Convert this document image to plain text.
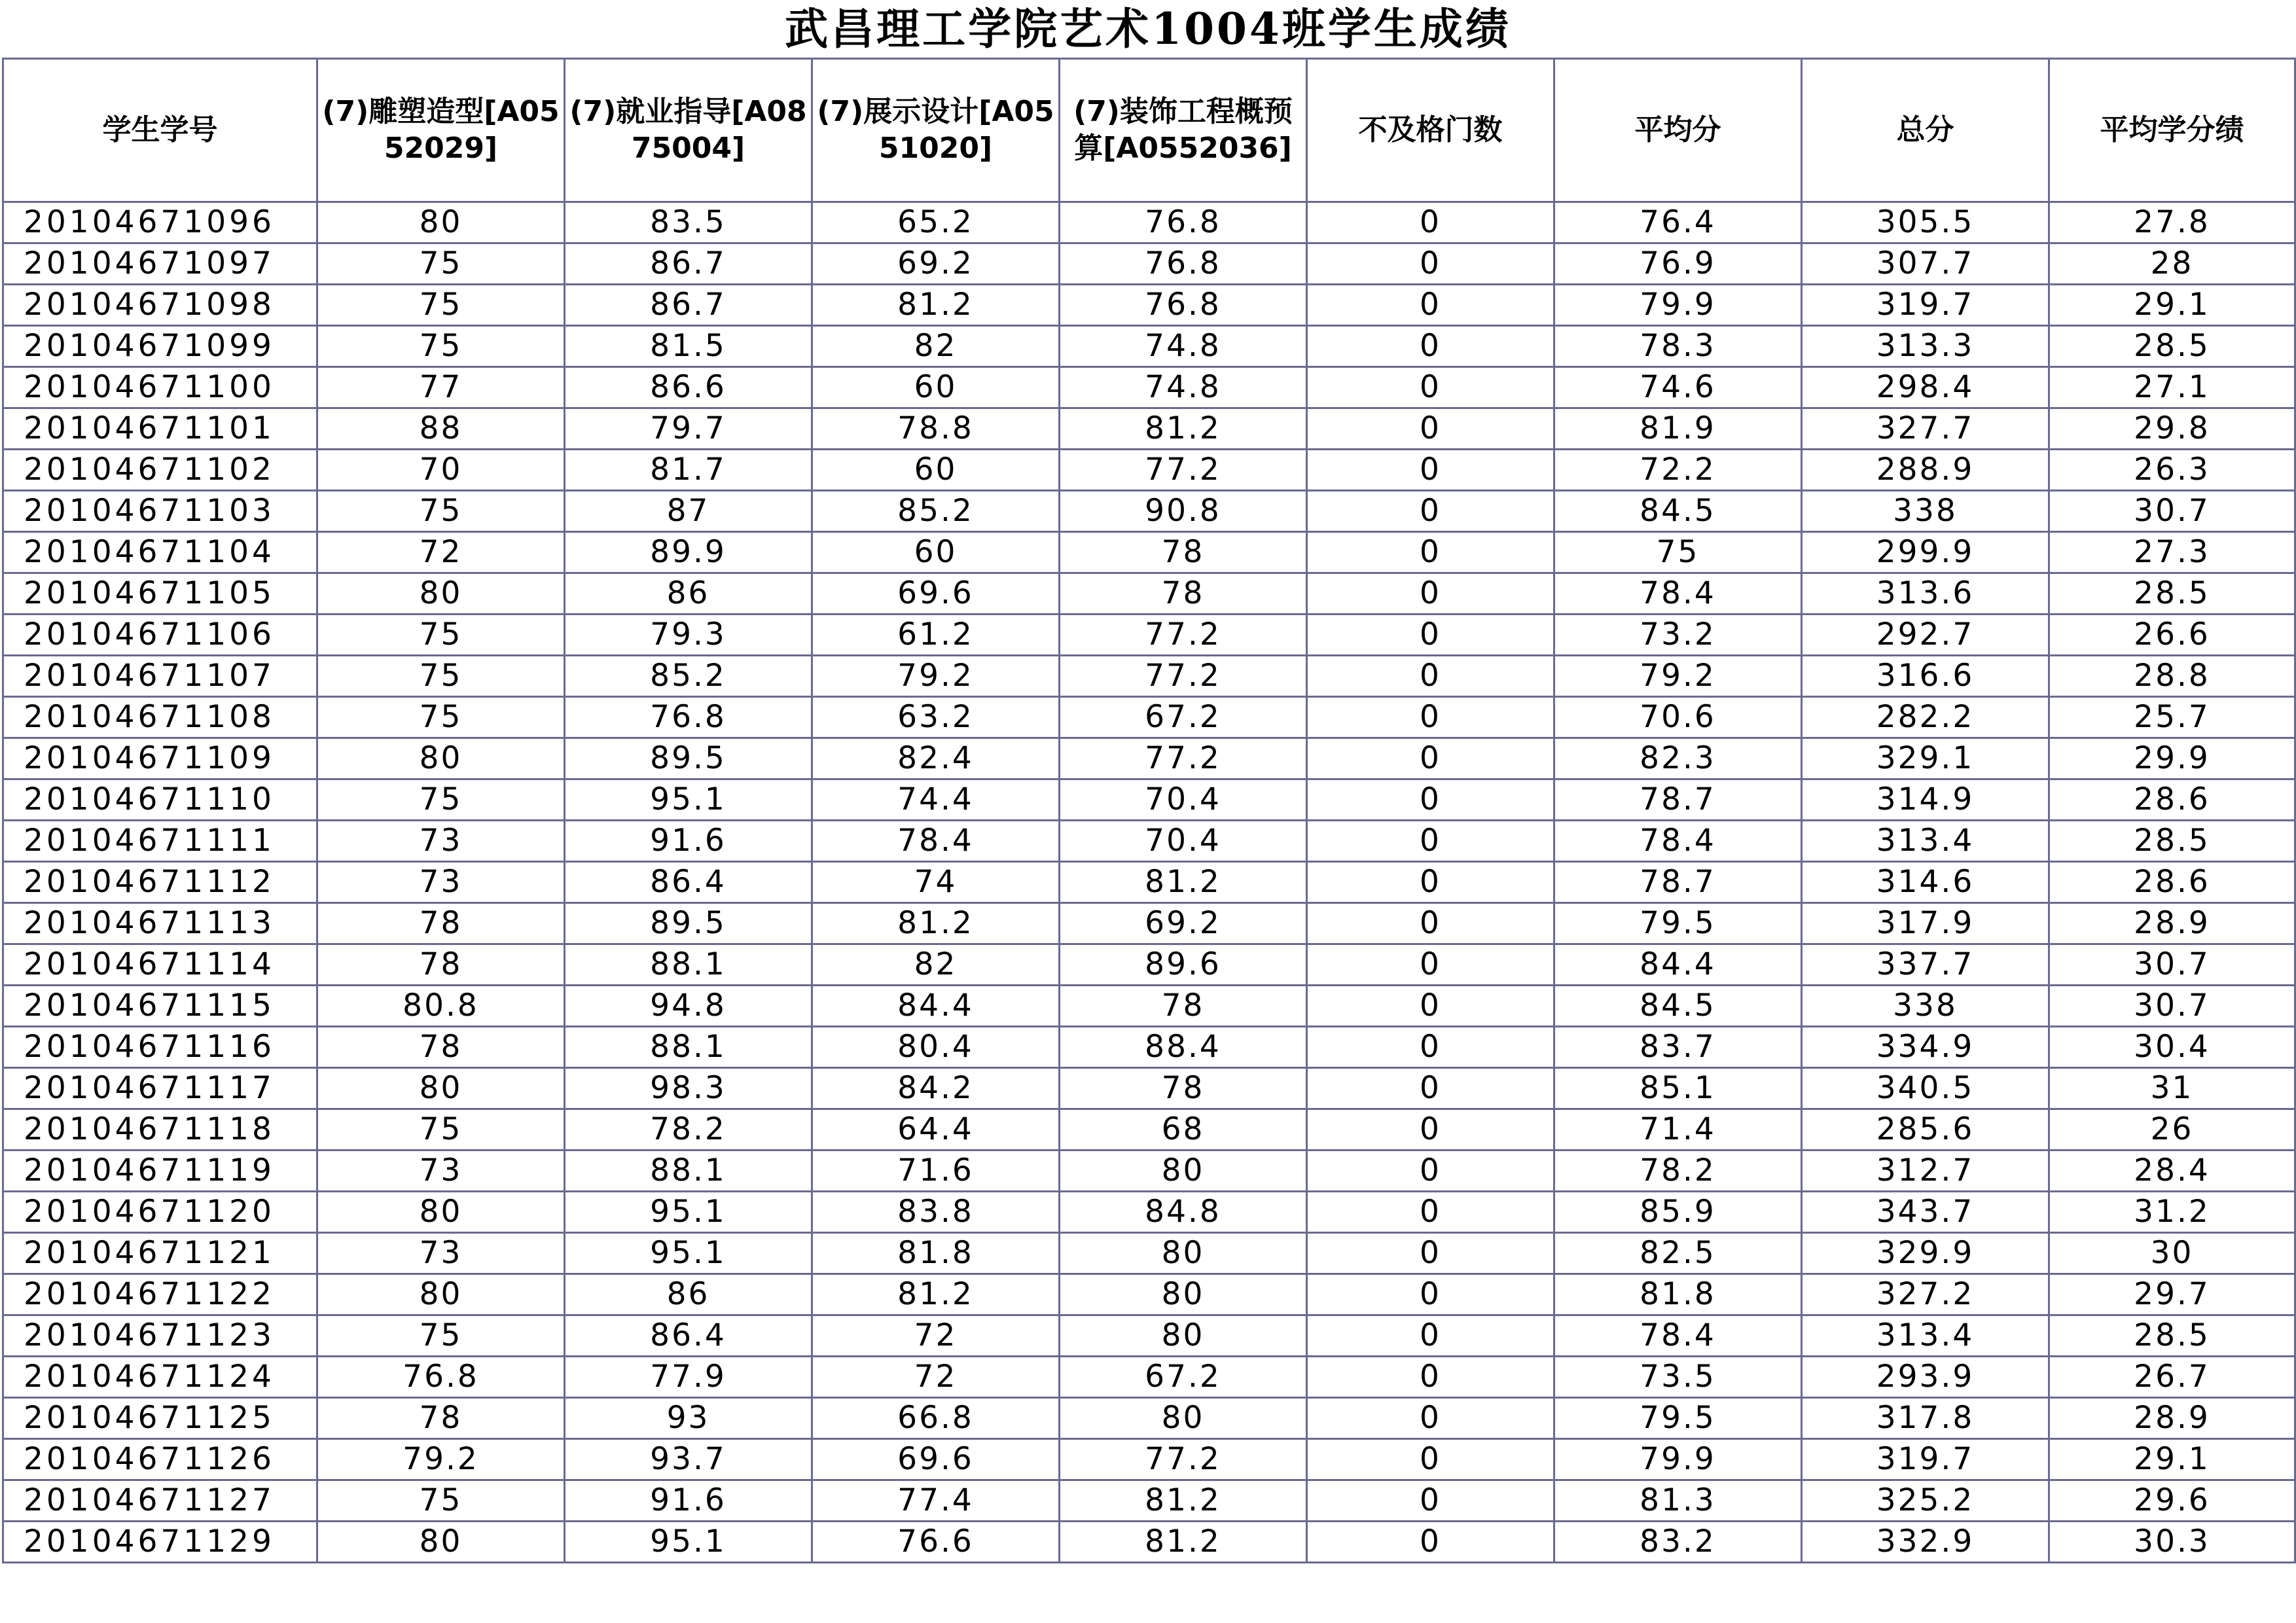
武昌理工学院艺术1004班学生成绩
学生学号	(7)雕塑造型[A0552029]	(7)就业指导[A0875004]	(7)展示设计[A0551020]	(7)装饰工程概预算[A0552036]	不及格门数	平均分	总分	平均学分绩
20104671096	80	83.5	65.2	76.8	0	76.4	305.5	27.8
20104671097	75	86.7	69.2	76.8	0	76.9	307.7	28
20104671098	75	86.7	81.2	76.8	0	79.9	319.7	29.1
20104671099	75	81.5	82	74.8	0	78.3	313.3	28.5
20104671100	77	86.6	60	74.8	0	74.6	298.4	27.1
20104671101	88	79.7	78.8	81.2	0	81.9	327.7	29.8
20104671102	70	81.7	60	77.2	0	72.2	288.9	26.3
20104671103	75	87	85.2	90.8	0	84.5	338	30.7
20104671104	72	89.9	60	78	0	75	299.9	27.3
20104671105	80	86	69.6	78	0	78.4	313.6	28.5
20104671106	75	79.3	61.2	77.2	0	73.2	292.7	26.6
20104671107	75	85.2	79.2	77.2	0	79.2	316.6	28.8
20104671108	75	76.8	63.2	67.2	0	70.6	282.2	25.7
20104671109	80	89.5	82.4	77.2	0	82.3	329.1	29.9
20104671110	75	95.1	74.4	70.4	0	78.7	314.9	28.6
20104671111	73	91.6	78.4	70.4	0	78.4	313.4	28.5
20104671112	73	86.4	74	81.2	0	78.7	314.6	28.6
20104671113	78	89.5	81.2	69.2	0	79.5	317.9	28.9
20104671114	78	88.1	82	89.6	0	84.4	337.7	30.7
20104671115	80.8	94.8	84.4	78	0	84.5	338	30.7
20104671116	78	88.1	80.4	88.4	0	83.7	334.9	30.4
20104671117	80	98.3	84.2	78	0	85.1	340.5	31
20104671118	75	78.2	64.4	68	0	71.4	285.6	26
20104671119	73	88.1	71.6	80	0	78.2	312.7	28.4
20104671120	80	95.1	83.8	84.8	0	85.9	343.7	31.2
20104671121	73	95.1	81.8	80	0	82.5	329.9	30
20104671122	80	86	81.2	80	0	81.8	327.2	29.7
20104671123	75	86.4	72	80	0	78.4	313.4	28.5
20104671124	76.8	77.9	72	67.2	0	73.5	293.9	26.7
20104671125	78	93	66.8	80	0	79.5	317.8	28.9
20104671126	79.2	93.7	69.6	77.2	0	79.9	319.7	29.1
20104671127	75	91.6	77.4	81.2	0	81.3	325.2	29.6
20104671129	80	95.1	76.6	81.2	0	83.2	332.9	30.3
